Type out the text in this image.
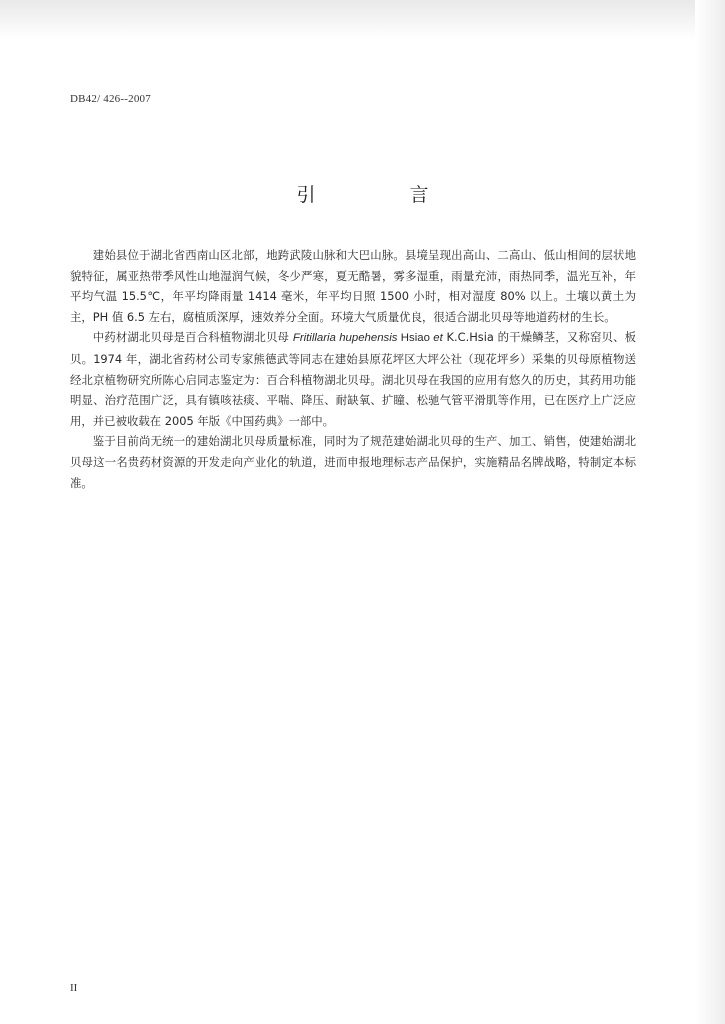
DB42/ 426--2007
引 言

建始县位于湖北省西南山区北部，地跨武陵山脉和大巴山脉。县境呈现出高山、二高山、低山相间的层状地貌特征，属亚热带季风性山地湿润气候，冬少严寒，夏无酷暑，雾多湿重，雨量充沛，雨热同季，温光互补，年平均气温 15.5℃，年平均降雨量 1414 毫米，年平均日照 1500 小时，相对湿度 80% 以上。土壤以黄土为主，PH 值 6.5 左右，腐植质深厚，速效养分全面。环境大气质量优良，很适合湖北贝母等地道药材的生长。

中药材湖北贝母是百合科植物湖北贝母 Fritillaria hupehensis Hsiao et K.C.Hsia 的干燥鳞茎，又称窑贝、板贝。1974 年，湖北省药材公司专家熊德武等同志在建始县原花坪区大坪公社（现花坪乡）采集的贝母原植物送经北京植物研究所陈心启同志鉴定为：百合科植物湖北贝母。湖北贝母在我国的应用有悠久的历史，其药用功能明显、治疗范围广泛，具有镇咳祛痰、平喘、降压、耐缺氧、扩瞳、松驰气管平滑肌等作用，已在医疗上广泛应用，并已被收载在 2005 年版《中国药典》一部中。

鉴于目前尚无统一的建始湖北贝母质量标准，同时为了规范建始湖北贝母的生产、加工、销售，使建始湖北贝母这一名贵药材资源的开发走向产业化的轨道，进而申报地理标志产品保护，实施精品名牌战略，特制定本标准。

II
